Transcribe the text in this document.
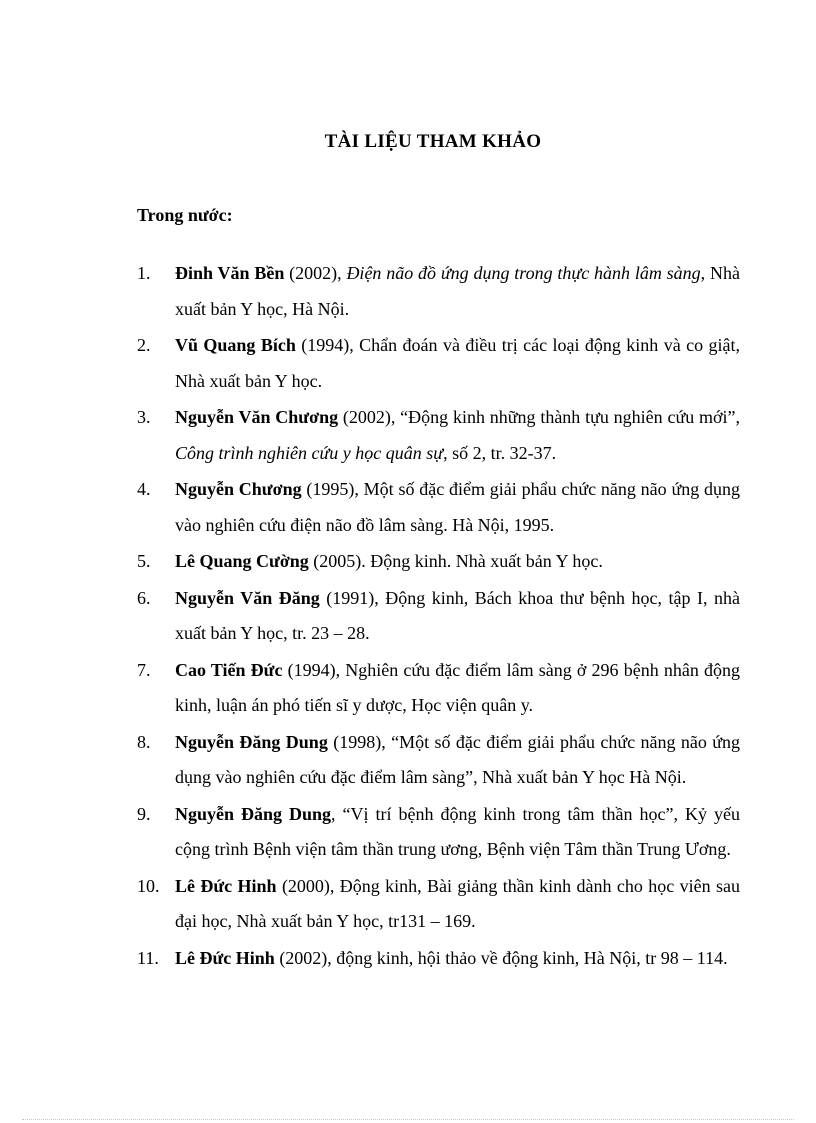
TÀI LIỆU THAM KHẢO
Trong nước:
1. Đinh Văn Bền (2002), Điện não đồ ứng dụng trong thực hành lâm sàng, Nhà xuất bản Y học, Hà Nội.
2. Vũ Quang Bích (1994), Chẩn đoán và điều trị các loại động kinh và co giật, Nhà xuất bản Y học.
3. Nguyễn Văn Chương (2002), “Động kinh những thành tựu nghiên cứu mới”, Công trình nghiên cứu y học quân sự, số 2, tr. 32-37.
4. Nguyễn Chương (1995), Một số đặc điểm giải phẩu chức năng não ứng dụng vào nghiên cứu điện não đồ lâm sàng. Hà Nội, 1995.
5. Lê Quang Cường (2005). Động kinh. Nhà xuất bản Y học.
6. Nguyễn Văn Đăng (1991), Động kinh, Bách khoa thư bệnh học, tập I, nhà xuất bản Y học, tr. 23 – 28.
7. Cao Tiến Đức (1994), Nghiên cứu đặc điểm lâm sàng ở 296 bệnh nhân động kinh, luận án phó tiến sĩ y dược, Học viện quân y.
8. Nguyễn Đăng Dung (1998), “Một số đặc điểm giải phẩu chức năng não ứng dụng vào nghiên cứu đặc điểm lâm sàng”, Nhà xuất bản Y học Hà Nội.
9. Nguyễn Đăng Dung, “Vị trí bệnh động kinh trong tâm thần học”, Kỷ yếu cộng trình Bệnh viện tâm thần trung ương, Bệnh viện Tâm thần Trung Ương.
10. Lê Đức Hinh (2000), Động kinh, Bài giảng thần kinh dành cho học viên sau đại học, Nhà xuất bản Y học, tr131 – 169.
11. Lê Đức Hinh (2002), động kinh, hội thảo về động kinh, Hà Nội, tr 98 – 114.
